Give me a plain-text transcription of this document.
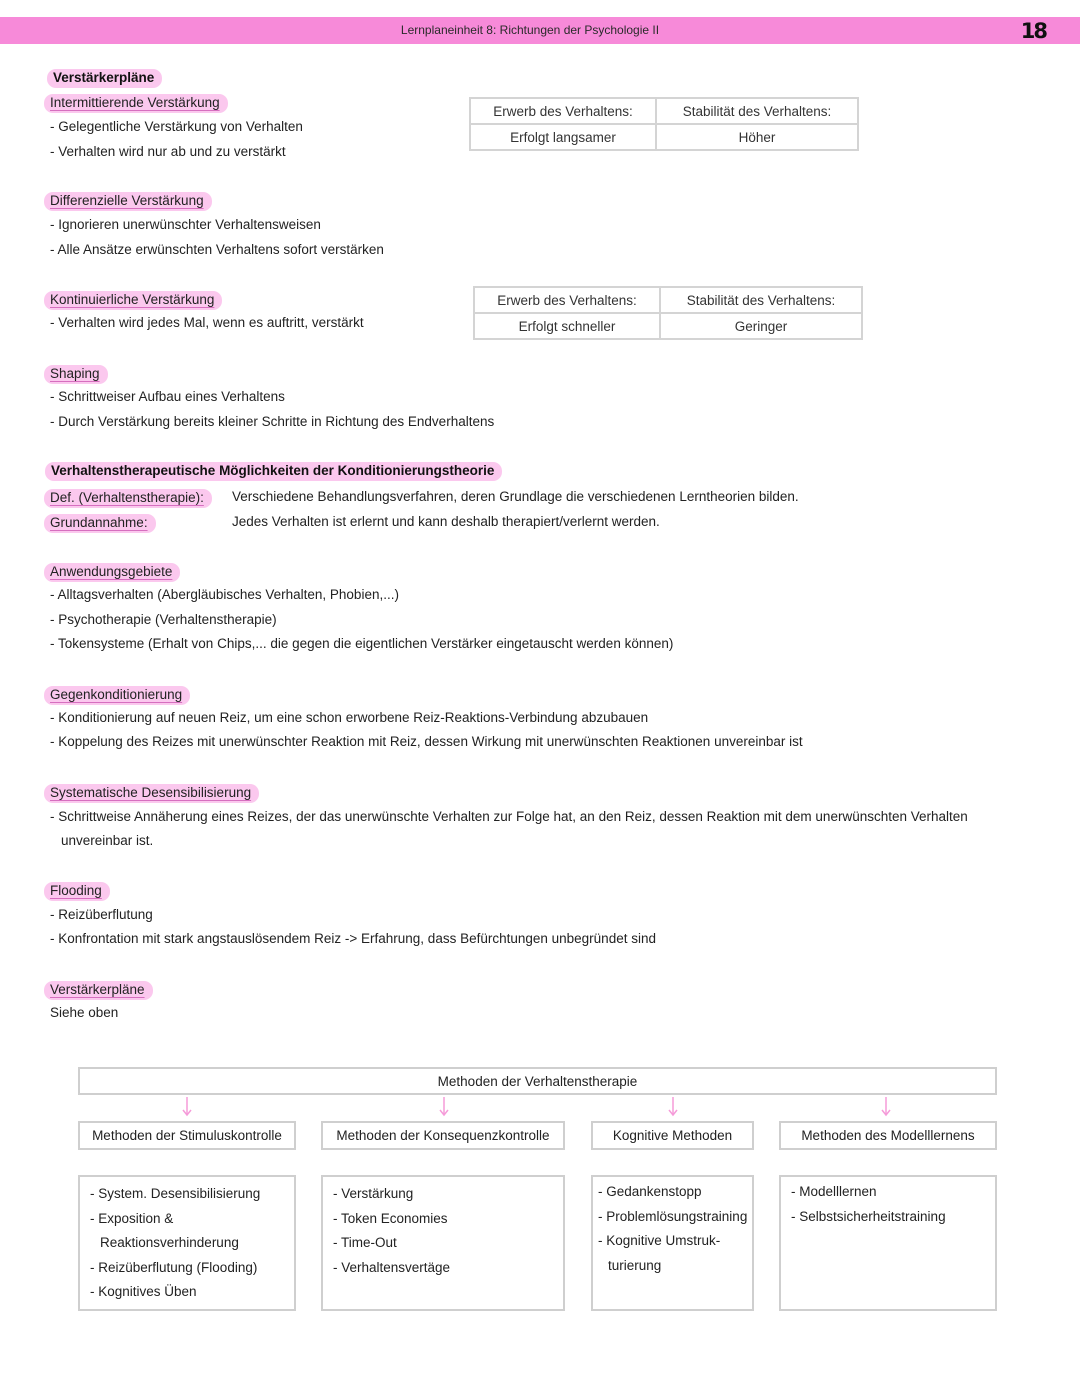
Lernplaneinheit 8: Richtungen der Psychologie II	18
Verstärkerpläne
Intermittierende Verstärkung
- Gelegentliche Verstärkung von Verhalten
- Verhalten wird nur ab und zu verstärkt
Erwerb des Verhaltens:	Stabilität des Verhaltens:
Erfolgt langsamer	Höher
Differenzielle Verstärkung
- Ignorieren unerwünschter Verhaltensweisen
- Alle Ansätze erwünschten Verhaltens sofort verstärken
Kontinuierliche Verstärkung
- Verhalten wird jedes Mal, wenn es auftritt, verstärkt
Erwerb des Verhaltens:	Stabilität des Verhaltens:
Erfolgt schneller	Geringer
Shaping
- Schrittweiser Aufbau eines Verhaltens
- Durch Verstärkung bereits kleiner Schritte in Richtung des Endverhaltens
Verhaltenstherapeutische Möglichkeiten der Konditionierungstheorie
Def. (Verhaltenstherapie):	Verschiedene Behandlungsverfahren, deren Grundlage die verschiedenen Lerntheorien bilden.
Grundannahme:	Jedes Verhalten ist erlernt und kann deshalb therapiert/verlernt werden.
Anwendungsgebiete
- Alltagsverhalten (Abergläubisches Verhalten, Phobien,...)
- Psychotherapie (Verhaltenstherapie)
- Tokensysteme (Erhalt von Chips,... die gegen die eigentlichen Verstärker eingetauscht werden können)
Gegenkonditionierung
- Konditionierung auf neuen Reiz, um eine schon erworbene Reiz-Reaktions-Verbindung abzubauen
- Koppelung des Reizes mit unerwünschter Reaktion mit Reiz, dessen Wirkung mit unerwünschten Reaktionen unvereinbar ist
Systematische Desensibilisierung
- Schrittweise Annäherung eines Reizes, der das unerwünschte Verhalten zur Folge hat, an den Reiz, dessen Reaktion mit dem unerwünschten Verhalten
unvereinbar ist.
Flooding
- Reizüberflutung
- Konfrontation mit stark angstauslösendem Reiz -> Erfahrung, dass Befürchtungen unbegründet sind
Verstärkerpläne
Siehe oben
Methoden der Verhaltenstherapie
Methoden der Stimuluskontrolle	Methoden der Konsequenzkontrolle	Kognitive Methoden	Methoden des Modelllernens
- System. Desensibilisierung
- Exposition &
Reaktionsverhinderung
- Reizüberflutung (Flooding)
- Kognitives Üben
- Verstärkung
- Token Economies
- Time-Out
- Verhaltensvertäge
- Gedankenstopp
- Problemlösungstraining
- Kognitive Umstruk-
turierung
- Modelllernen
- Selbstsicherheitstraining
